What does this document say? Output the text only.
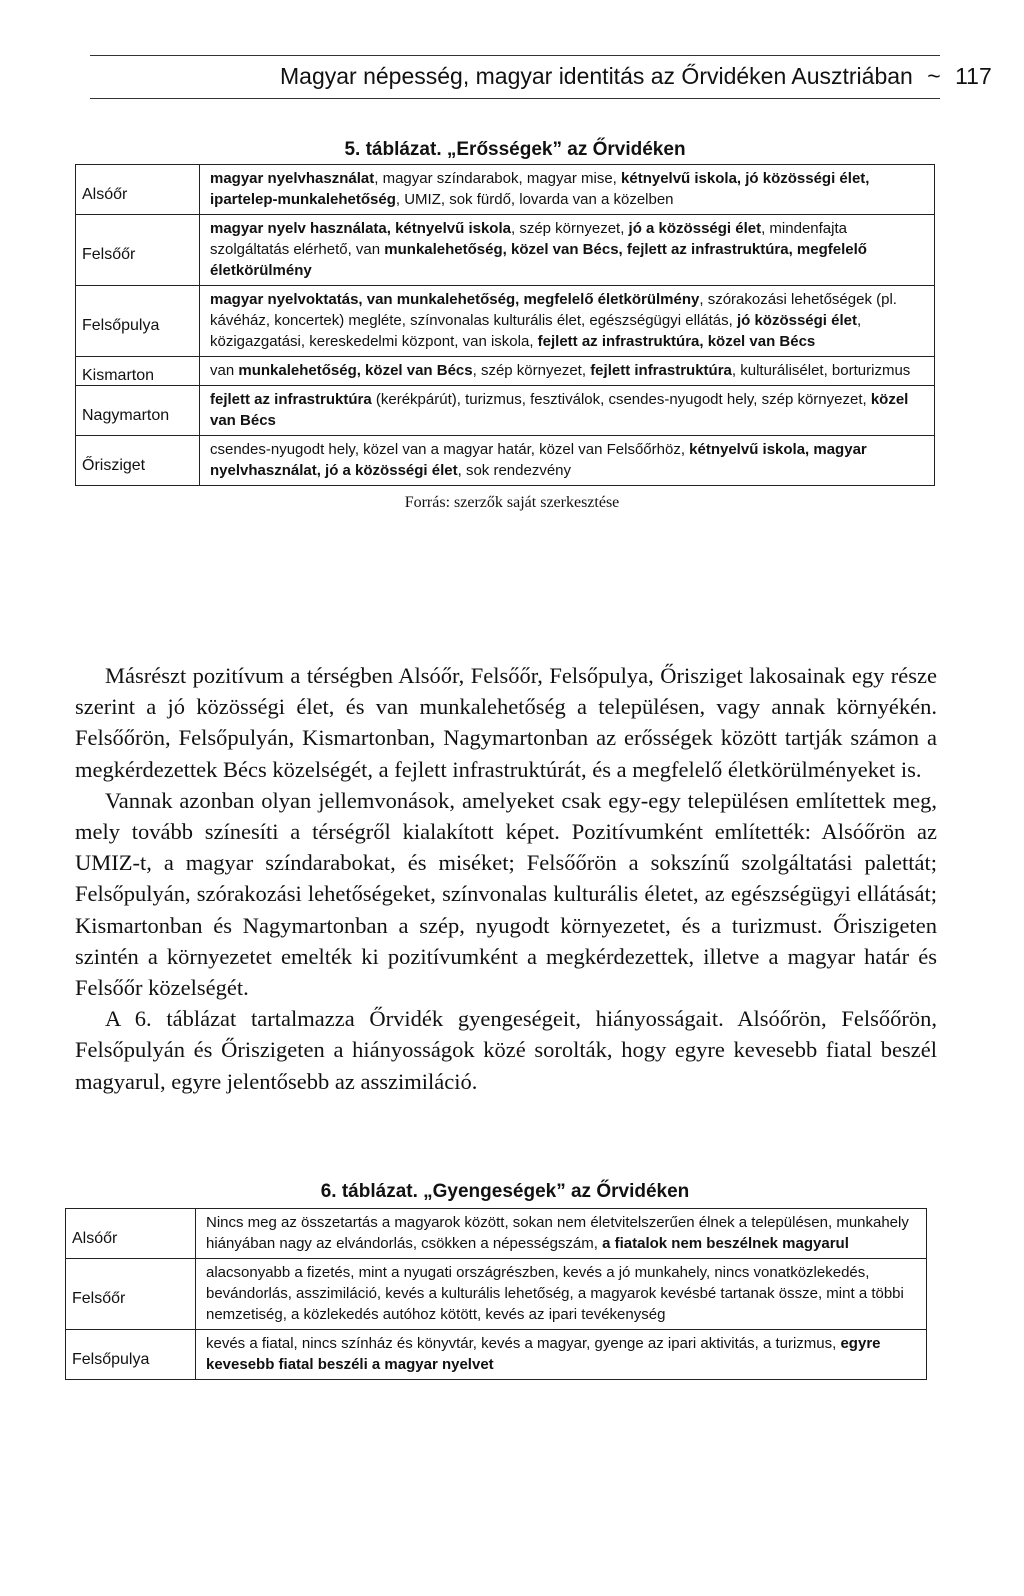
Magyar népesség, magyar identitás az Őrvidéken Ausztriában ~ 117
5. táblázat. „Erősségek” az Őrvidéken
Alsóőr	magyar nyelvhasználat, magyar színdarabok, magyar mise, kétnyelvű iskola, jó közösségi élet, ipartelep-munkalehetőség, UMIZ, sok fürdő, lovarda van a közelben
Felsőőr	magyar nyelv használata, kétnyelvű iskola, szép környezet, jó a közösségi élet, mindenfajta szolgáltatás elérhető, van munkalehetőség, közel van Bécs, fejlett az infrastruktúra, megfelelő életkörülmény
Felsőpulya	magyar nyelvoktatás, van munkalehetőség, megfelelő életkörülmény, szórakozási lehetőségek (pl. kávéház, koncertek) megléte, színvonalas kulturális élet, egészségügyi ellátás, jó közösségi élet, közigazgatási, kereskedelmi központ, van iskola, fejlett az infrastruktúra, közel van Bécs
Kismarton	van munkalehetőség, közel van Bécs, szép környezet, fejlett infrastruktúra, kulturálisélet, borturizmus
Nagymarton	fejlett az infrastruktúra (kerékpárút), turizmus, fesztiválok, csendes-nyugodt hely, szép környezet, közel van Bécs
Őrisziget	csendes-nyugodt hely, közel van a magyar határ, közel van Felsőőrhöz, kétnyelvű iskola, magyar nyelvhasználat, jó a közösségi élet, sok rendezvény
Forrás: szerzők saját szerkesztése

Másrészt pozitívum a térségben Alsóőr, Felsőőr, Felsőpulya, Őrisziget lakosainak egy része szerint a jó közösségi élet, és van munkalehetőség a településen, vagy annak környékén. Felsőőrön, Felsőpulyán, Kismartonban, Nagymartonban az erősségek között tartják számon a megkérdezettek Bécs közelségét, a fejlett infrastruktúrát, és a megfelelő életkörülményeket is.

Vannak azonban olyan jellemvonások, amelyeket csak egy-egy településen említettek meg, mely tovább színesíti a térségről kialakított képet. Pozitívumként említették: Alsóőrön az UMIZ-t, a magyar színdarabokat, és miséket; Felsőőrön a sokszínű szolgáltatási palettát; Felsőpulyán, szórakozási lehetőségeket, színvonalas kulturális életet, az egészségügyi ellátását; Kismartonban és Nagymartonban a szép, nyugodt környezetet, és a turizmust. Őriszigeten szintén a környezetet emelték ki pozitívumként a megkérdezettek, illetve a magyar határ és Felsőőr közelségét.

A 6. táblázat tartalmazza Őrvidék gyengeségeit, hiányosságait. Alsóőrön, Felsőőrön, Felsőpulyán és Őriszigeten a hiányosságok közé sorolták, hogy egyre kevesebb fiatal beszél magyarul, egyre jelentősebb az asszimiláció.

6. táblázat. „Gyengeségek” az Őrvidéken
Alsóőr	Nincs meg az összetartás a magyarok között, sokan nem életvitelszerűen élnek a településen, munkahely hiányában nagy az elvándorlás, csökken a népességszám, a fiatalok nem beszélnek magyarul
Felsőőr	alacsonyabb a fizetés, mint a nyugati országrészben, kevés a jó munkahely, nincs vonatközlekedés, bevándorlás, asszimiláció, kevés a kulturális lehetőség, a magyarok kevésbé tartanak össze, mint a többi nemzetiség, a közlekedés autóhoz kötött, kevés az ipari tevékenység
Felsőpulya	kevés a fiatal, nincs színház és könyvtár, kevés a magyar, gyenge az ipari aktivitás, a turizmus, egyre kevesebb fiatal beszéli a magyar nyelvet
